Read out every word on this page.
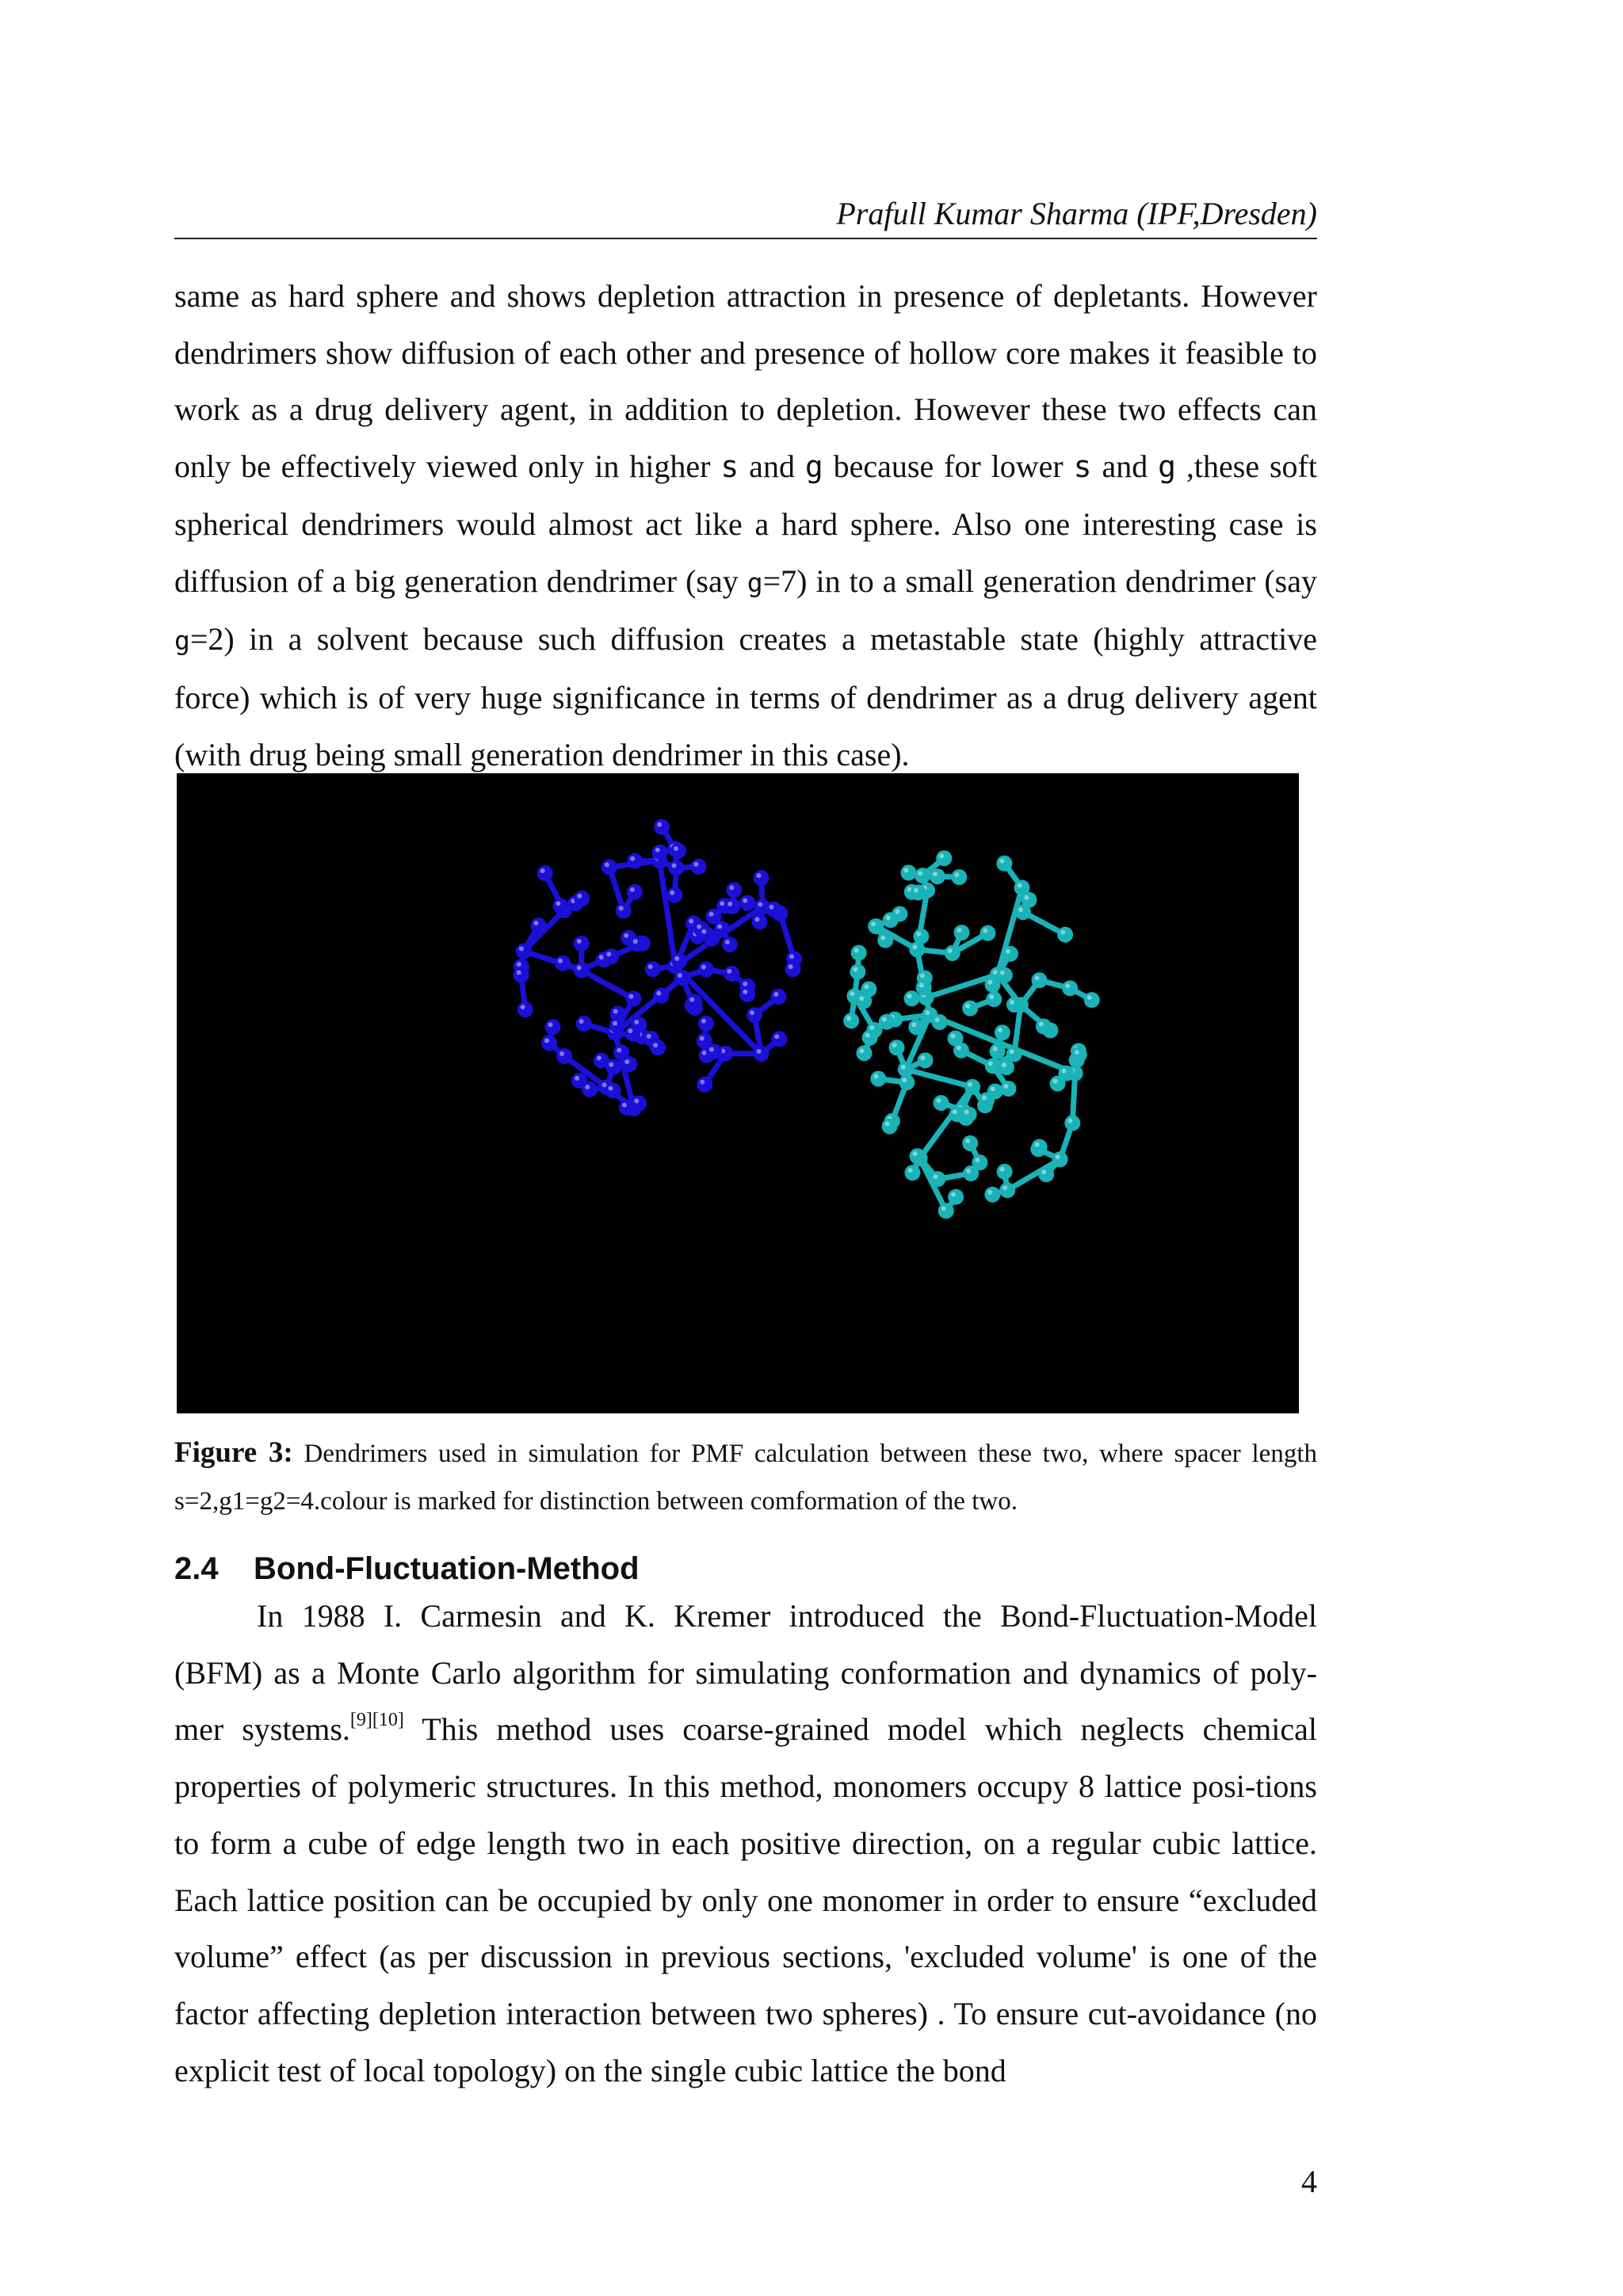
Prafull Kumar Sharma (IPF,Dresden)

same as hard sphere and shows depletion attraction in presence of depletants. However dendrimers show diffusion of each other and presence of hollow core makes it feasible to work as a drug delivery agent, in addition to depletion. However these two effects can only be effectively viewed only in higher s and g because for lower s and g ,these soft spherical dendrimers would almost act like a hard sphere. Also one interesting case is diffusion of a big generation dendrimer (say g=7) in to a small generation dendrimer (say g=2) in a solvent because such diffusion creates a metastable state (highly attractive force) which is of very huge significance in terms of dendrimer as a drug delivery agent (with drug being small generation dendrimer in this case).

Figure 3: Dendrimers used in simulation for PMF calculation between these two, where spacer length s=2,g1=g2=4.colour is marked for distinction between comformation of the two.

2.4 Bond-Fluctuation-Method

In 1988 I. Carmesin and K. Kremer introduced the Bond-Fluctuation-Model (BFM) as a Monte Carlo algorithm for simulating conformation and dynamics of poly-mer systems.[9][10] This method uses coarse-grained model which neglects chemical properties of polymeric structures. In this method, monomers occupy 8 lattice posi-tions to form a cube of edge length two in each positive direction, on a regular cubic lattice. Each lattice position can be occupied by only one monomer in order to ensure “excluded volume” effect (as per discussion in previous sections, 'excluded volume' is one of the factor affecting depletion interaction between two spheres) . To ensure cut-avoidance (no explicit test of local topology) on the single cubic lattice the bond

4
